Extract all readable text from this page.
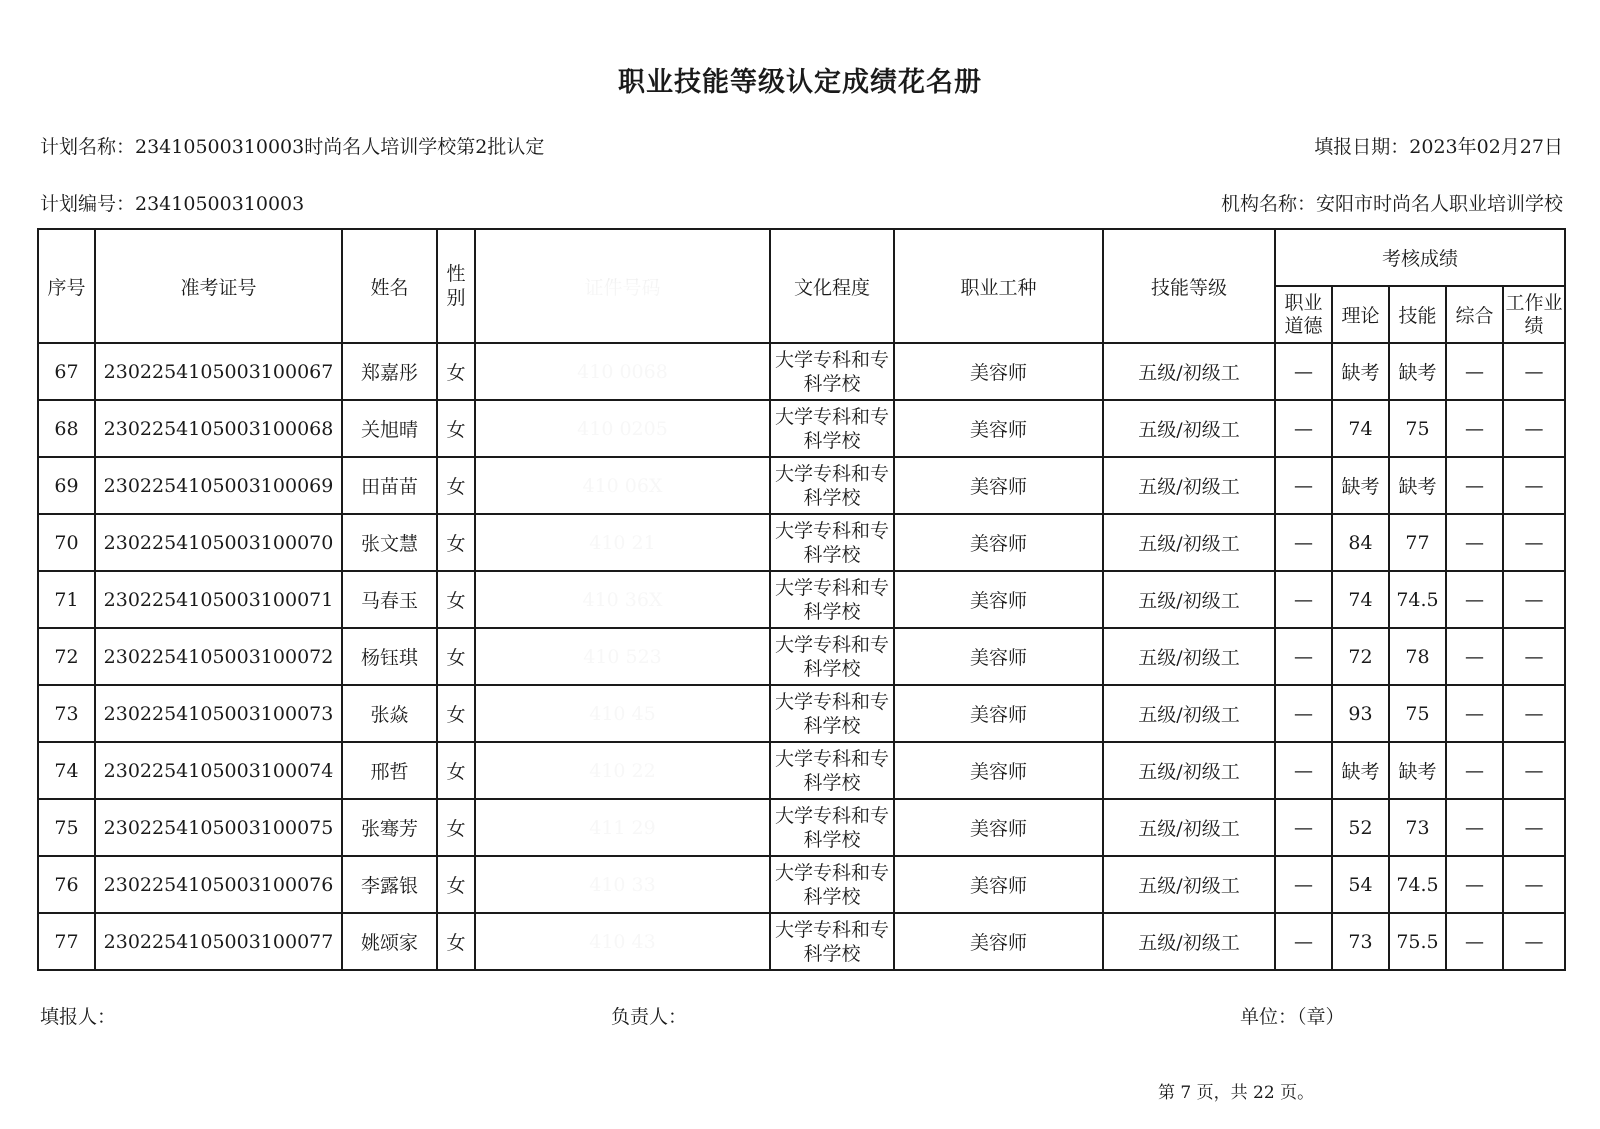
职业技能等级认定成绩花名册
计划名称：23410500310003时尚名人培训学校第2批认定	填报日期：2023年02月27日
计划编号：23410500310003	机构名称：安阳市时尚名人职业培训学校
序号	准考证号	姓名	性别		文化程度	职业工种	技能等级	考核成绩				
								职业道德	理论	技能	综合	工作业绩
67	2302254105003100067	郑嘉彤	女		大学专科和专科学校	美容师	五级/初级工	—	缺考	缺考	—	—
68	2302254105003100068	关旭晴	女		大学专科和专科学校	美容师	五级/初级工	—	74	75	—	—
69	2302254105003100069	田苗苗	女		大学专科和专科学校	美容师	五级/初级工	—	缺考	缺考	—	—
70	2302254105003100070	张文慧	女		大学专科和专科学校	美容师	五级/初级工	—	84	77	—	—
71	2302254105003100071	马春玉	女		大学专科和专科学校	美容师	五级/初级工	—	74	74.5	—	—
72	2302254105003100072	杨钰琪	女		大学专科和专科学校	美容师	五级/初级工	—	72	78	—	—
73	2302254105003100073	张焱	女		大学专科和专科学校	美容师	五级/初级工	—	93	75	—	—
74	2302254105003100074	邢哲	女		大学专科和专科学校	美容师	五级/初级工	—	缺考	缺考	—	—
75	2302254105003100075	张骞芳	女		大学专科和专科学校	美容师	五级/初级工	—	52	73	—	—
76	2302254105003100076	李露银	女		大学专科和专科学校	美容师	五级/初级工	—	54	74.5	—	—
77	2302254105003100077	姚颂家	女		大学专科和专科学校	美容师	五级/初级工	—	73	75.5	—	—
填报人：	负责人：	单位：（章）
第 7 页，共 22 页。
